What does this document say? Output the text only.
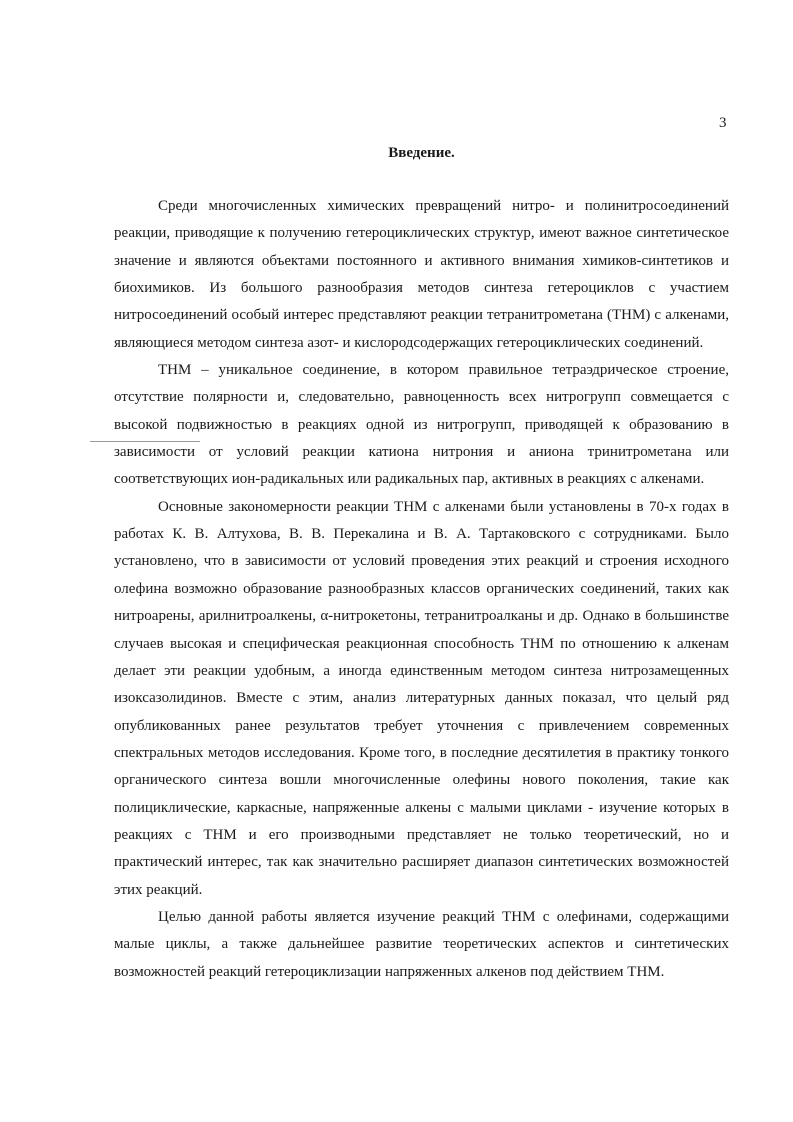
3
Введение.

Среди многочисленных химических превращений нитро- и полинитросоединений реакции, приводящие к получению гетероциклических структур, имеют важное синтетическое значение и являются объектами постоянного и активного внимания химиков-синтетиков и биохимиков. Из большого разнообразия методов синтеза гетероциклов с участием нитросоединений особый интерес представляют реакции тетранитрометана (ТНМ) с алкенами, являющиеся методом синтеза азот- и кислородсодержащих гетероциклических соединений.

ТНМ – уникальное соединение, в котором правильное тетраэдрическое строение, отсутствие полярности и, следовательно, равноценность всех нитрогрупп совмещается с высокой подвижностью в реакциях одной из нитрогрупп, приводящей к образованию в зависимости от условий реакции катиона нитрония и аниона тринитрометана или соответствующих ион-радикальных или радикальных пар, активных в реакциях с алкенами.

Основные закономерности реакции ТНМ с алкенами были установлены в 70-х годах в работах К. В. Алтухова, В. В. Перекалина и В. А. Тартаковского с сотрудниками. Было установлено, что в зависимости от условий проведения этих реакций и строения исходного олефина возможно образование разнообразных классов органических соединений, таких как нитроарены, арилнитроалкены, α-нитрокетоны, тетранитроалканы и др. Однако в большинстве случаев высокая и специфическая реакционная способность ТНМ по отношению к алкенам делает эти реакции удобным, а иногда единственным методом синтеза нитрозамещенных изоксазолидинов. Вместе с этим, анализ литературных данных показал, что целый ряд опубликованных ранее результатов требует уточнения с привлечением современных спектральных методов исследования. Кроме того, в последние десятилетия в практику тонкого органического синтеза вошли многочисленные олефины нового поколения, такие как полициклические, каркасные, напряженные алкены с малыми циклами - изучение которых в реакциях с ТНМ и его производными представляет не только теоретический, но и практический интерес, так как значительно расширяет диапазон синтетических возможностей этих реакций.

Целью данной работы является изучение реакций ТНМ с олефинами, содержащими малые циклы, а также дальнейшее развитие теоретических аспектов и синтетических возможностей реакций гетероциклизации напряженных алкенов под действием ТНМ.
